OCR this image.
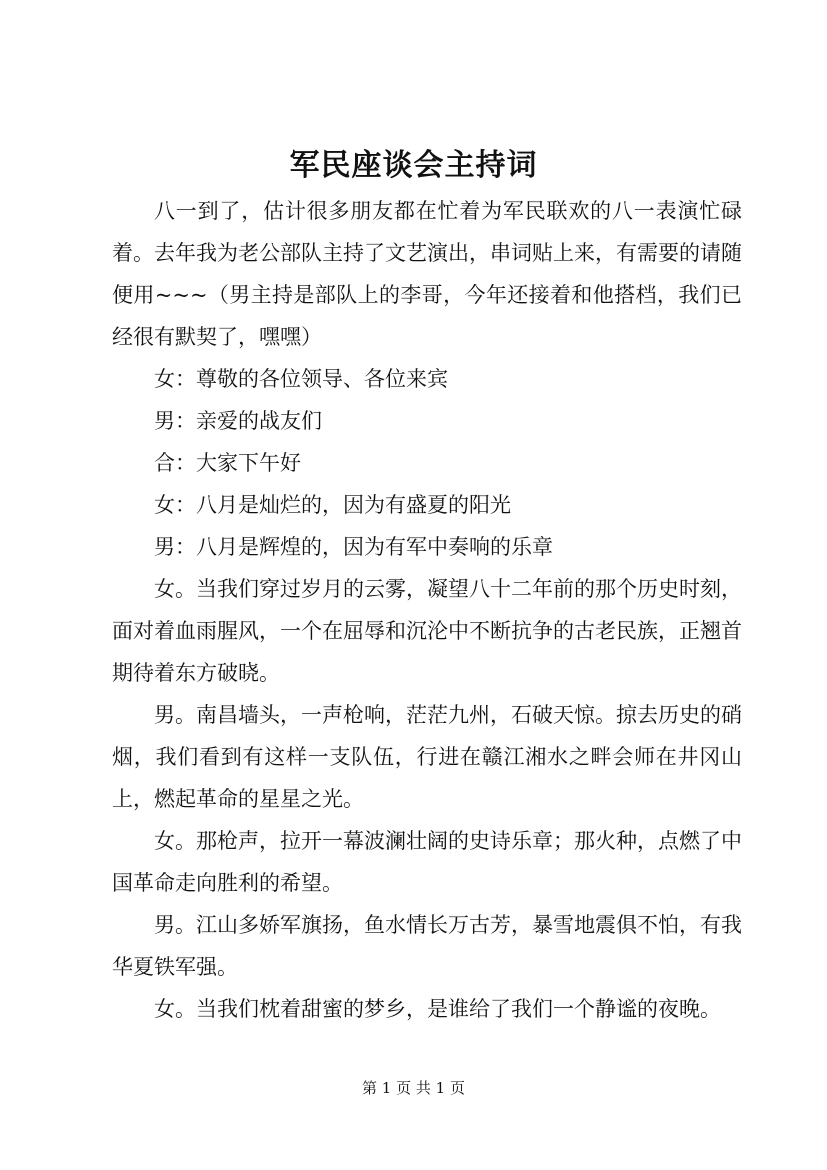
军民座谈会主持词

八一到了，估计很多朋友都在忙着为军民联欢的八一表演忙碌着。去年我为老公部队主持了文艺演出，串词贴上来，有需要的请随便用~~~（男主持是部队上的李哥，今年还接着和他搭档，我们已经很有默契了，嘿嘿）

女：尊敬的各位领导、各位来宾

男：亲爱的战友们

合：大家下午好

女：八月是灿烂的，因为有盛夏的阳光

男：八月是辉煌的，因为有军中奏响的乐章

女。当我们穿过岁月的云雾，凝望八十二年前的那个历史时刻，面对着血雨腥风，一个在屈辱和沉沦中不断抗争的古老民族，正翘首期待着东方破晓。

男。南昌墙头，一声枪响，茫茫九州，石破天惊。掠去历史的硝烟，我们看到有这样一支队伍，行进在赣江湘水之畔会师在井冈山上，燃起革命的星星之光。

女。那枪声，拉开一幕波澜壮阔的史诗乐章；那火种，点燃了中国革命走向胜利的希望。

男。江山多娇军旗扬，鱼水情长万古芳，暴雪地震俱不怕，有我华夏铁军强。

女。当我们枕着甜蜜的梦乡，是谁给了我们一个静谧的夜晚。

第 1 页 共 1 页
